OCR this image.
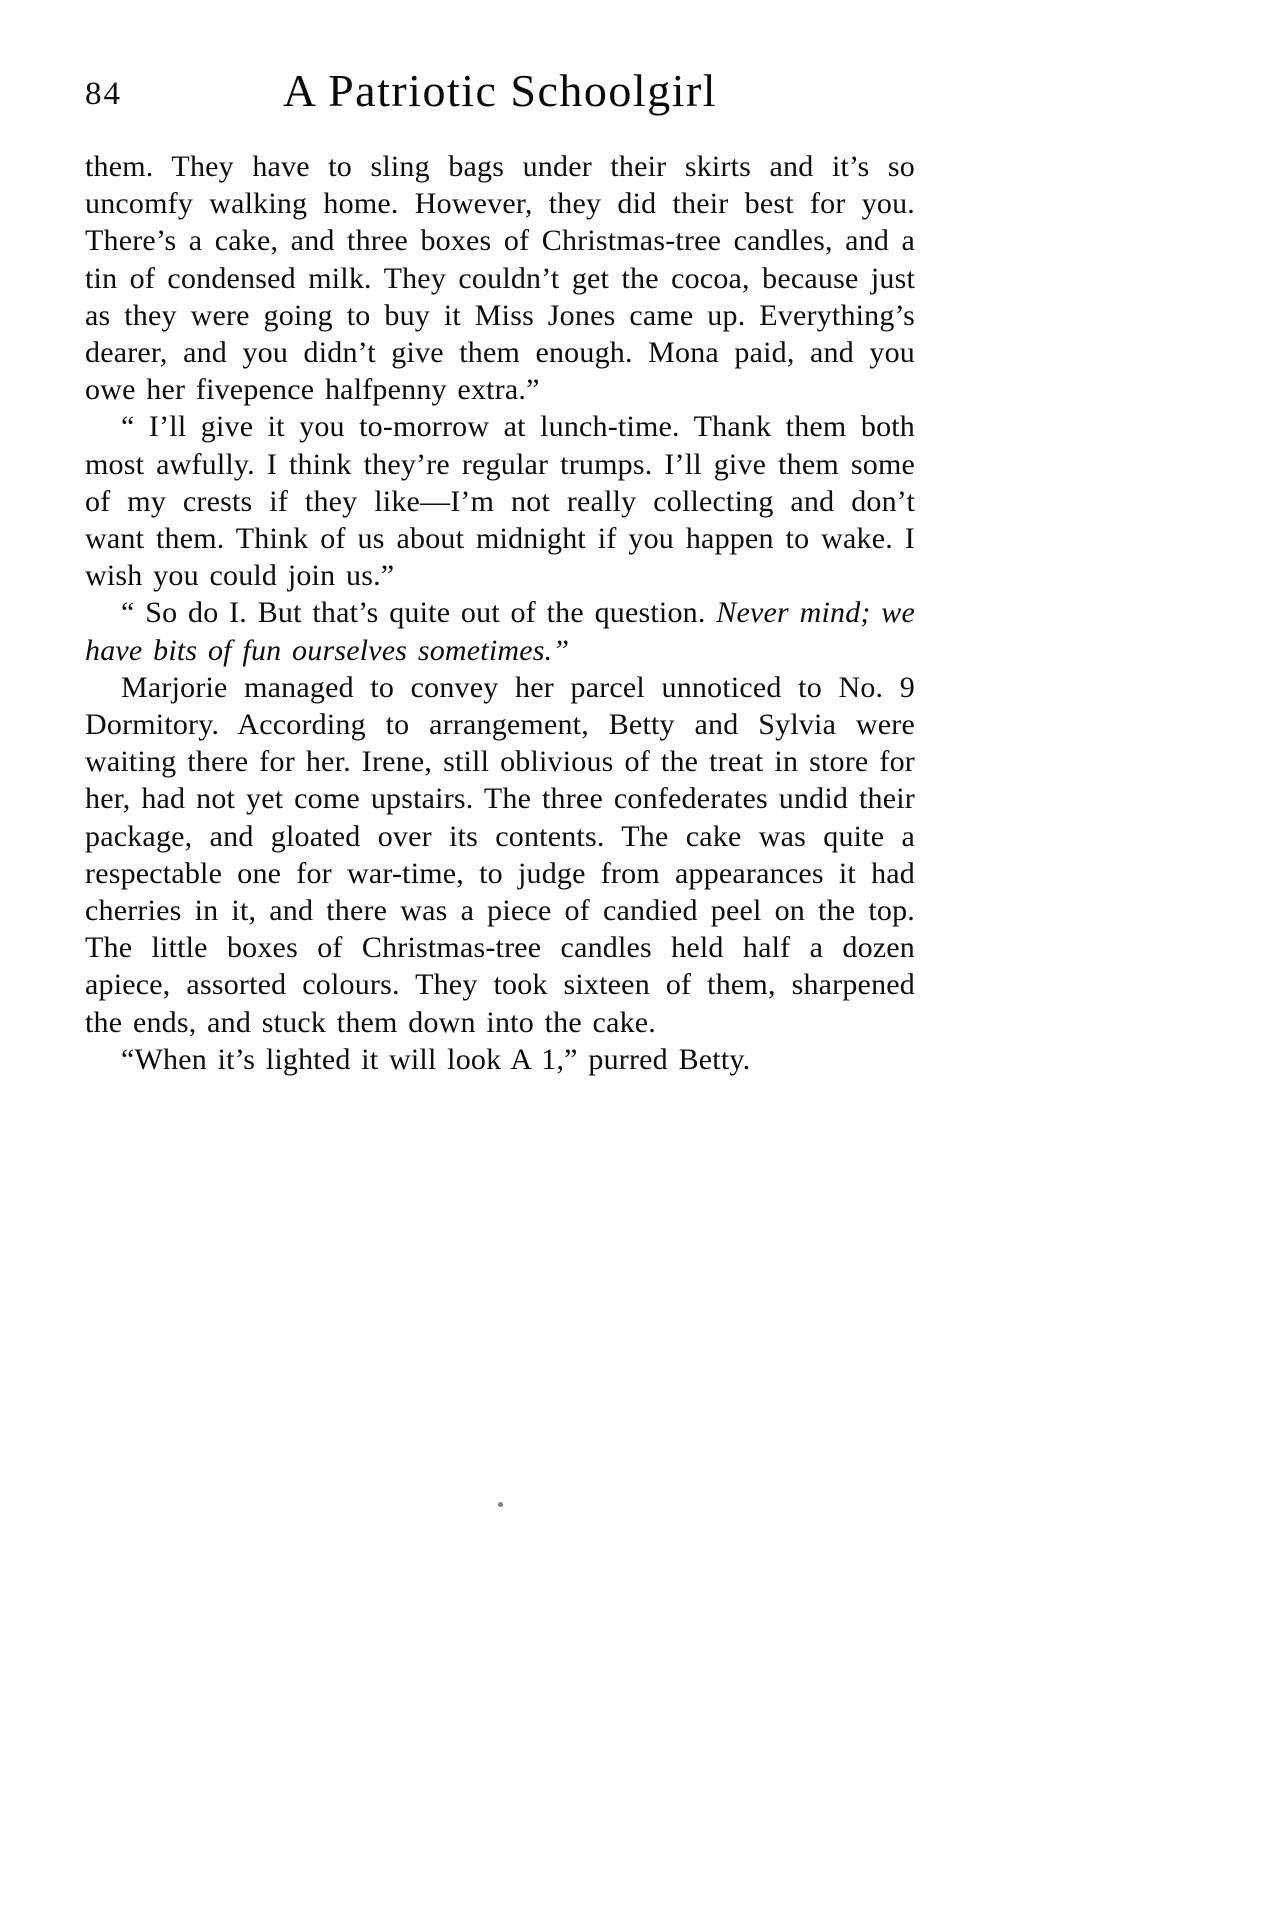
84	A Patriotic Schoolgirl

them. They have to sling bags under their skirts and it’s so uncomfy walking home. However, they did their best for you. There’s a cake, and three boxes of Christmas-tree candles, and a tin of condensed milk. They couldn’t get the cocoa, because just as they were going to buy it Miss Jones came up. Everything’s dearer, and you didn’t give them enough. Mona paid, and you owe her fivepence halfpenny extra.”

“ I’ll give it you to-morrow at lunch-time. Thank them both most awfully. I think they’re regular trumps. I’ll give them some of my crests if they like—I’m not really collecting and don’t want them. Think of us about midnight if you happen to wake. I wish you could join us.”

“ So do I. But that’s quite out of the question. Never mind; we have bits of fun ourselves sometimes.”

Marjorie managed to convey her parcel unnoticed to No. 9 Dormitory. According to arrangement, Betty and Sylvia were waiting there for her. Irene, still oblivious of the treat in store for her, had not yet come upstairs. The three confederates undid their package, and gloated over its contents. The cake was quite a respectable one for war-time, to judge from appearances it had cherries in it, and there was a piece of candied peel on the top. The little boxes of Christmas-tree candles held half a dozen apiece, assorted colours. They took sixteen of them, sharpened the ends, and stuck them down into the cake.

“When it’s lighted it will look A 1,” purred Betty.
